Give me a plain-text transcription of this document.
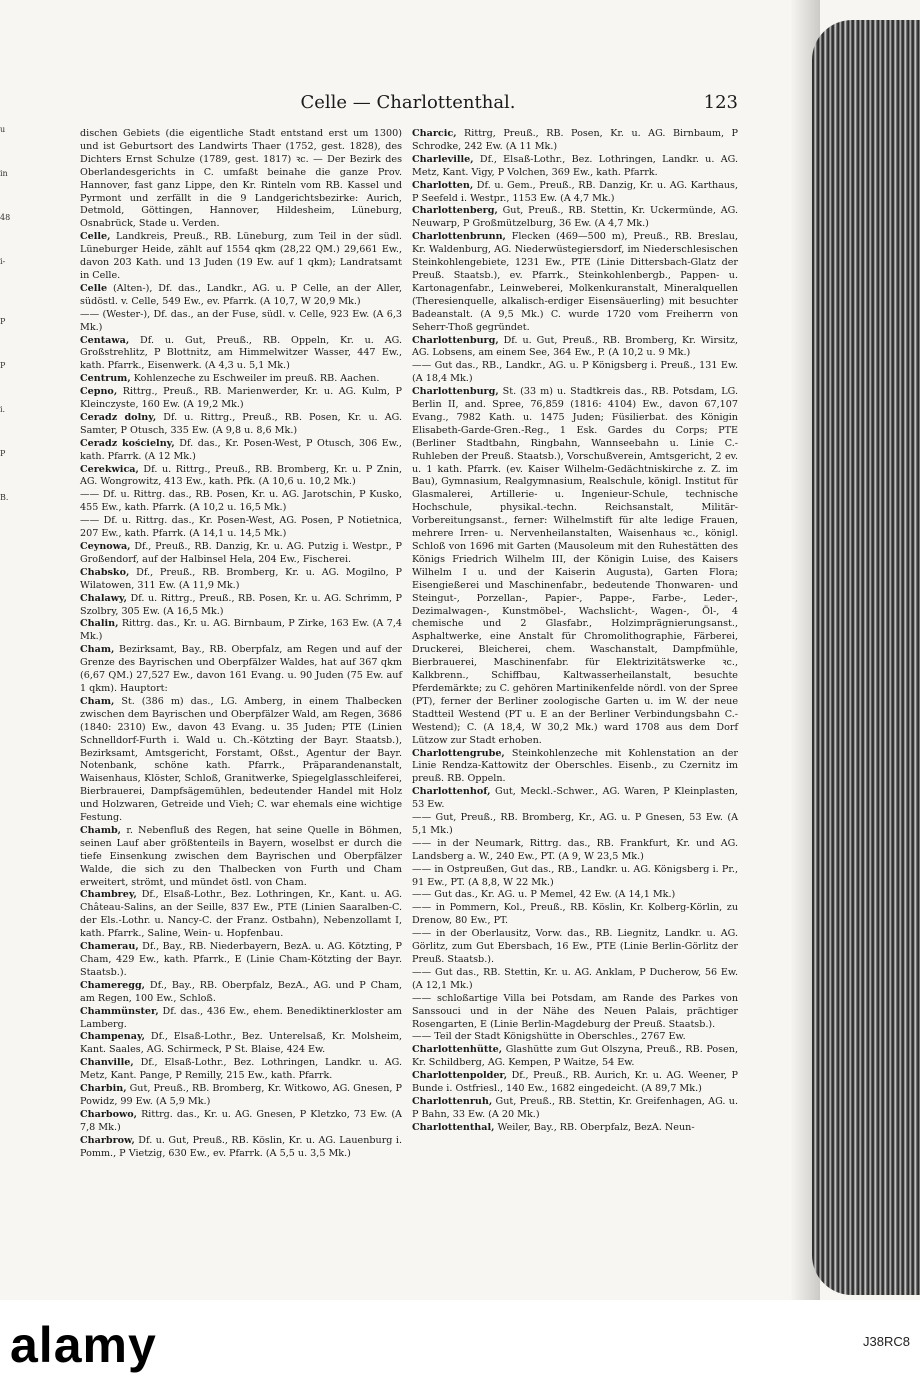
u
in
48
i-
P
P
i.
P
B.
Celle — Charlottenthal.	123

dischen Gebiets (die eigentliche Stadt entstand erst um 1300) und ist Geburtsort des Landwirts Thaer (1752, gest. 1828), des Dichters Ernst Schulze (1789, gest. 1817) ꝛc. — Der Bezirk des Oberlandesgerichts in C. umfaßt beinahe die ganze Prov. Hannover, fast ganz Lippe, den Kr. Rinteln vom RB. Kassel und Pyrmont und zerfällt in die 9 Landgerichtsbezirke: Aurich, Detmold, Göttingen, Hannover, Hildesheim, Lüneburg, Osnabrück, Stade u. Verden.

Celle, Landkreis, Preuß., RB. Lüneburg, zum Teil in der südl. Lüneburger Heide, zählt auf 1554 qkm (28,22 QM.) 29,661 Ew., davon 203 Kath. und 13 Juden (19 Ew. auf 1 qkm); Landratsamt in Celle.

Celle (Alten-), Df. das., Landkr., AG. u. P Celle, an der Aller, südöstl. v. Celle, 549 Ew., ev. Pfarrk. (A 10,7, W 20,9 Mk.)

—— (Wester-), Df. das., an der Fuse, südl. v. Celle, 923 Ew. (A 6,3 Mk.)

Centawa, Df. u. Gut, Preuß., RB. Oppeln, Kr. u. AG. Großstrehlitz, P Blottnitz, am Himmelwitzer Wasser, 447 Ew., kath. Pfarrk., Eisenwerk. (A 4,3 u. 5,1 Mk.)

Centrum, Kohlenzeche zu Eschweiler im preuß. RB. Aachen.

Cepno, Rittrg., Preuß., RB. Marienwerder, Kr. u. AG. Kulm, P Kleinczyste, 160 Ew. (A 19,2 Mk.)

Ceradz dolny, Df. u. Rittrg., Preuß., RB. Posen, Kr. u. AG. Samter, P Otusch, 335 Ew. (A 9,8 u. 8,6 Mk.)

Ceradz kościelny, Df. das., Kr. Posen-West, P Otusch, 306 Ew., kath. Pfarrk. (A 12 Mk.)

Cerekwica, Df. u. Rittrg., Preuß., RB. Bromberg, Kr. u. P Znin, AG. Wongrowitz, 413 Ew., kath. Pfk. (A 10,6 u. 10,2 Mk.)

—— Df. u. Rittrg. das., RB. Posen, Kr. u. AG. Jarotschin, P Kusko, 455 Ew., kath. Pfarrk. (A 10,2 u. 16,5 Mk.)

—— Df. u. Rittrg. das., Kr. Posen-West, AG. Posen, P Notietnica, 207 Ew., kath. Pfarrk. (A 14,1 u. 14,5 Mk.)

Ceynowa, Df., Preuß., RB. Danzig, Kr. u. AG. Putzig i. Westpr., P Großendorf, auf der Halbinsel Hela, 204 Ew., Fischerei.

Chabsko, Df., Preuß., RB. Bromberg, Kr. u. AG. Mogilno, P Wilatowen, 311 Ew. (A 11,9 Mk.)

Chalawy, Df. u. Rittrg., Preuß., RB. Posen, Kr. u. AG. Schrimm, P Szolbry, 305 Ew. (A 16,5 Mk.)

Chalin, Rittrg. das., Kr. u. AG. Birnbaum, P Zirke, 163 Ew. (A 7,4 Mk.)

Cham, Bezirksamt, Bay., RB. Oberpfalz, am Regen und auf der Grenze des Bayrischen und Oberpfälzer Waldes, hat auf 367 qkm (6,67 QM.) 27,527 Ew., davon 161 Evang. u. 90 Juden (75 Ew. auf 1 qkm). Hauptort:

Cham, St. (386 m) das., LG. Amberg, in einem Thalbecken zwischen dem Bayrischen und Oberpfälzer Wald, am Regen, 3686 (1840: 2310) Ew., davon 43 Evang. u. 35 Juden; PTE (Linien Schnelldorf-Furth i. Wald u. Ch.-Kötzting der Bayr. Staatsb.), Bezirksamt, Amtsgericht, Forstamt, Oßst., Agentur der Bayr. Notenbank, schöne kath. Pfarrk., Präparandenanstalt, Waisenhaus, Klöster, Schloß, Granitwerke, Spiegelglasschleiferei, Bierbrauerei, Dampfsägemühlen, bedeutender Handel mit Holz und Holzwaren, Getreide und Vieh; C. war ehemals eine wichtige Festung.

Chamb, r. Nebenfluß des Regen, hat seine Quelle in Böhmen, seinen Lauf aber größtenteils in Bayern, woselbst er durch die tiefe Einsenkung zwischen dem Bayrischen und Oberpfälzer Walde, die sich zu den Thalbecken von Furth und Cham erweitert, strömt, und mündet östl. von Cham.

Chambrey, Df., Elsaß-Lothr., Bez. Lothringen, Kr., Kant. u. AG. Château-Salins, an der Seille, 837 Ew., PTE (Linien Saaralben-C. der Els.-Lothr. u. Nancy-C. der Franz. Ostbahn), Nebenzollamt I, kath. Pfarrk., Saline, Wein- u. Hopfenbau.

Chamerau, Df., Bay., RB. Niederbayern, BezA. u. AG. Kötzting, P Cham, 429 Ew., kath. Pfarrk., E (Linie Cham-Kötzting der Bayr. Staatsb.).

Chameregg, Df., Bay., RB. Oberpfalz, BezA., AG. und P Cham, am Regen, 100 Ew., Schloß.

Chammünster, Df. das., 436 Ew., ehem. Benediktinerkloster am Lamberg.

Champenay, Df., Elsaß-Lothr., Bez. Unterelsaß, Kr. Molsheim, Kant. Saales, AG. Schirmeck, P St. Blaise, 424 Ew.

Chanville, Df., Elsaß-Lothr., Bez. Lothringen, Landkr. u. AG. Metz, Kant. Pange, P Remilly, 215 Ew., kath. Pfarrk.

Charbin, Gut, Preuß., RB. Bromberg, Kr. Witkowo, AG. Gnesen, P Powidz, 99 Ew. (A 5,9 Mk.)

Charbowo, Rittrg. das., Kr. u. AG. Gnesen, P Kletzko, 73 Ew. (A 7,8 Mk.)

Charbrow, Df. u. Gut, Preuß., RB. Köslin, Kr. u. AG. Lauenburg i. Pomm., P Vietzig, 630 Ew., ev. Pfarrk. (A 5,5 u. 3,5 Mk.)

Charcic, Rittrg, Preuß., RB. Posen, Kr. u. AG. Birnbaum, P Schrodke, 242 Ew. (A 11 Mk.)

Charleville, Df., Elsaß-Lothr., Bez. Lothringen, Landkr. u. AG. Metz, Kant. Vigy, P Volchen, 369 Ew., kath. Pfarrk.

Charlotten, Df. u. Gem., Preuß., RB. Danzig, Kr. u. AG. Karthaus, P Seefeld i. Westpr., 1153 Ew. (A 4,7 Mk.)

Charlottenberg, Gut, Preuß., RB. Stettin, Kr. Uckermünde, AG. Neuwarp, P Großmützelburg, 36 Ew. (A 4,7 Mk.)

Charlottenbrunn, Flecken (469—500 m), Preuß., RB. Breslau, Kr. Waldenburg, AG. Niederwüstegiersdorf, im Niederschlesischen Steinkohlengebiete, 1231 Ew., PTE (Linie Dittersbach-Glatz der Preuß. Staatsb.), ev. Pfarrk., Steinkohlenbergb., Pappen- u. Kartonagenfabr., Leinweberei, Molkenkuranstalt, Mineralquellen (Theresienquelle, alkalisch-erdiger Eisensäuerling) mit besuchter Badeanstalt. (A 9,5 Mk.) C. wurde 1720 vom Freiherrn von Seherr-Thoß gegründet.

Charlottenburg, Df. u. Gut, Preuß., RB. Bromberg, Kr. Wirsitz, AG. Lobsens, am einem See, 364 Ew., P. (A 10,2 u. 9 Mk.)

—— Gut das., RB., Landkr., AG. u. P Königsberg i. Preuß., 131 Ew. (A 18,4 Mk.)

Charlottenburg, St. (33 m) u. Stadtkreis das., RB. Potsdam, LG. Berlin II, and. Spree, 76,859 (1816: 4104) Ew., davon 67,107 Evang., 7982 Kath. u. 1475 Juden; Füsilierbat. des Königin Elisabeth-Garde-Gren.-Reg., 1 Esk. Gardes du Corps; PTE (Berliner Stadtbahn, Ringbahn, Wannseebahn u. Linie C.-Ruhleben der Preuß. Staatsb.), Vorschußverein, Amtsgericht, 2 ev. u. 1 kath. Pfarrk. (ev. Kaiser Wilhelm-Gedächtniskirche z. Z. im Bau), Gymnasium, Realgymnasium, Realschule, königl. Institut für Glasmalerei, Artillerie- u. Ingenieur-Schule, technische Hochschule, physikal.-techn. Reichsanstalt, Militär-Vorbereitungsanst., ferner: Wilhelmstift für alte ledige Frauen, mehrere Irren- u. Nervenheilanstalten, Waisenhaus ꝛc., königl. Schloß von 1696 mit Garten (Mausoleum mit den Ruhestätten des Königs Friedrich Wilhelm III, der Königin Luise, des Kaisers Wilhelm I u. und der Kaiserin Augusta), Garten Flora; Eisengießerei und Maschinenfabr., bedeutende Thonwaren- und Steingut-, Porzellan-, Papier-, Pappe-, Farbe-, Leder-, Dezimalwagen-, Kunstmöbel-, Wachslicht-, Wagen-, Öl-, 4 chemische und 2 Glasfabr., Holzimprägnierungsanst., Asphaltwerke, eine Anstalt für Chromolithographie, Färberei, Druckerei, Bleicherei, chem. Waschanstalt, Dampfmühle, Bierbrauerei, Maschinenfabr. für Elektrizitätswerke ꝛc., Kalkbrenn., Schiffbau, Kaltwasserheilanstalt, besuchte Pferdemärkte; zu C. gehören Martinikenfelde nördl. von der Spree (PT), ferner der Berliner zoologische Garten u. im W. der neue Stadtteil Westend (PT u. E an der Berliner Verbindungsbahn C.-Westend); C. (A 18,4, W 30,2 Mk.) ward 1708 aus dem Dorf Lützow zur Stadt erhoben.

Charlottengrube, Steinkohlenzeche mit Kohlenstation an der Linie Rendza-Kattowitz der Oberschles. Eisenb., zu Czernitz im preuß. RB. Oppeln.

Charlottenhof, Gut, Meckl.-Schwer., AG. Waren, P Kleinplasten, 53 Ew.

—— Gut, Preuß., RB. Bromberg, Kr., AG. u. P Gnesen, 53 Ew. (A 5,1 Mk.)

—— in der Neumark, Rittrg. das., RB. Frankfurt, Kr. und AG. Landsberg a. W., 240 Ew., PT. (A 9, W 23,5 Mk.)

—— in Ostpreußen, Gut das., RB., Landkr. u. AG. Königsberg i. Pr., 91 Ew., PT. (A 8,8, W 22 Mk.)

—— Gut das., Kr. AG. u. P Memel, 42 Ew. (A 14,1 Mk.)

—— in Pommern, Kol., Preuß., RB. Köslin, Kr. Kolberg-Körlin, zu Drenow, 80 Ew., PT.

—— in der Oberlausitz, Vorw. das., RB. Liegnitz, Landkr. u. AG. Görlitz, zum Gut Ebersbach, 16 Ew., PTE (Linie Berlin-Görlitz der Preuß. Staatsb.).

—— Gut das., RB. Stettin, Kr. u. AG. Anklam, P Ducherow, 56 Ew. (A 12,1 Mk.)

—— schloßartige Villa bei Potsdam, am Rande des Parkes von Sanssouci und in der Nähe des Neuen Palais, prächtiger Rosengarten, E (Linie Berlin-Magdeburg der Preuß. Staatsb.).

—— Teil der Stadt Königshütte in Oberschles., 2767 Ew.

Charlottenhütte, Glashütte zum Gut Olszyna, Preuß., RB. Posen, Kr. Schildberg, AG. Kempen, P Waitze, 54 Ew.

Charlottenpolder, Df., Preuß., RB. Aurich, Kr. u. AG. Weener, P Bunde i. Ostfriesl., 140 Ew., 1682 eingedeicht. (A 89,7 Mk.)

Charlottenruh, Gut, Preuß., RB. Stettin, Kr. Greifenhagen, AG. u. P Bahn, 33 Ew. (A 20 Mk.)

Charlottenthal, Weiler, Bay., RB. Oberpfalz, BezA. Neun-

alamy	J38RC8
